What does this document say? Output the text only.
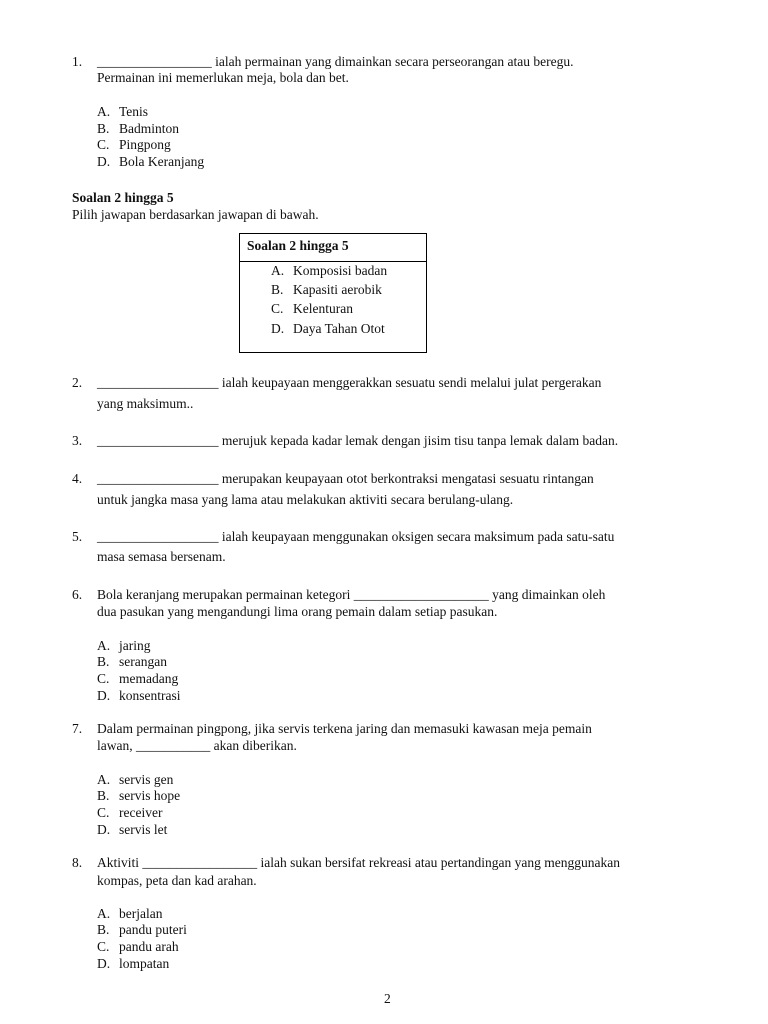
1. _________________ ialah permainan yang dimainkan secara perseorangan atau beregu.
Permainan ini memerlukan meja, bola dan bet.
A. Tenis
B. Badminton
C. Pingpong
D. Bola Keranjang
Soalan 2 hingga 5
Pilih jawapan berdasarkan jawapan di bawah.
Soalan 2 hingga 5
A. Komposisi badan
B. Kapasiti aerobik
C. Kelenturan
D. Daya Tahan Otot
2. __________________ ialah keupayaan menggerakkan sesuatu sendi melalui julat pergerakan
yang maksimum..
3. __________________ merujuk kepada kadar lemak dengan jisim tisu tanpa lemak dalam badan.
4. __________________ merupakan keupayaan otot berkontraksi mengatasi sesuatu rintangan
untuk jangka masa yang lama atau melakukan aktiviti secara berulang-ulang.
5. __________________ ialah keupayaan menggunakan oksigen secara maksimum pada satu-satu
masa semasa bersenam.
6. Bola keranjang merupakan permainan ketegori ____________________ yang dimainkan oleh
dua pasukan yang mengandungi lima orang pemain dalam setiap pasukan.
A. jaring
B. serangan
C. memadang
D. konsentrasi
7. Dalam permainan pingpong, jika servis terkena jaring dan memasuki kawasan meja pemain
lawan, ___________ akan diberikan.
A. servis gen
B. servis hope
C. receiver
D. servis let
8. Aktiviti _________________ ialah sukan bersifat rekreasi atau pertandingan yang menggunakan
kompas, peta dan kad arahan.
A. berjalan
B. pandu puteri
C. pandu arah
D. lompatan
2
